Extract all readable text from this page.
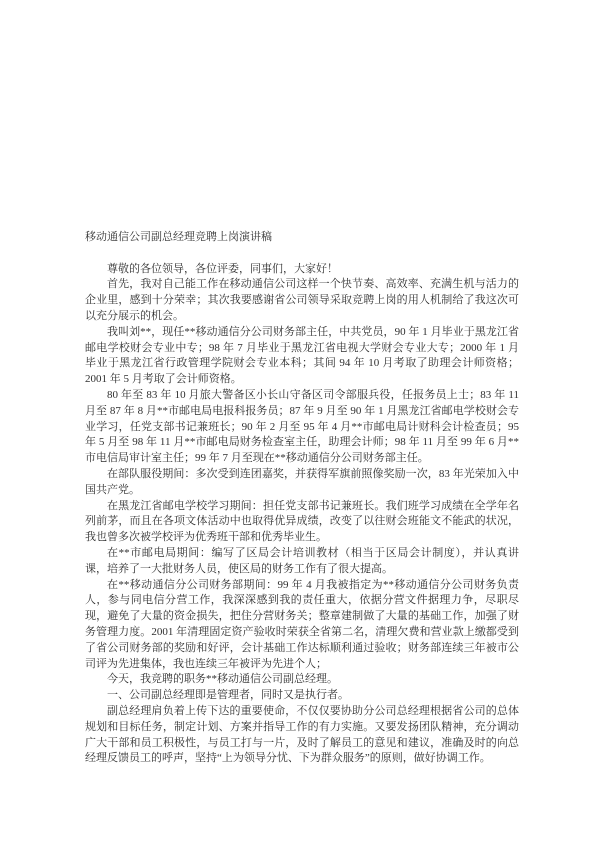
移动通信公司副总经理竞聘上岗演讲稿

尊敬的各位领导，各位评委，同事们，大家好！

首先，我对自己能工作在移动通信公司这样一个快节奏、高效率、充满生机与活力的企业里，感到十分荣幸；其次我要感谢省公司领导采取竞聘上岗的用人机制给了我这次可以充分展示的机会。

我叫刘**，现任**移动通信分公司财务部主任，中共党员，90 年 1 月毕业于黑龙江省邮电学校财会专业中专；98 年 7 月毕业于黑龙江省电视大学财会专业大专；2000 年 1 月毕业于黑龙江省行政管理学院财会专业本科；其间 94 年 10 月考取了助理会计师资格；2001 年 5 月考取了会计师资格。

80 年至 83 年 10 月旅大警备区小长山守备区司令部服兵役，任报务员上士；83 年 11 月至 87 年 8 月**市邮电局电报科报务员；87 年 9 月至 90 年 1 月黑龙江省邮电学校财会专业学习，任党支部书记兼班长；90 年 2 月至 95 年 4 月**市邮电局计财科会计检查员；95 年 5 月至 98 年 11 月**市邮电局财务检查室主任，助理会计师；98 年 11 月至 99 年 6 月**市电信局审计室主任；99 年 7 月至现在**移动通信分公司财务部主任。

在部队服役期间：多次受到连团嘉奖，并获得军旗前照像奖励一次，83 年光荣加入中国共产党。

在黑龙江省邮电学校学习期间：担任党支部书记兼班长。我们班学习成绩在全学年名列前茅，而且在各项文体活动中也取得优异成绩，改变了以往财会班能文不能武的状况，我也曾多次被学校评为优秀班干部和优秀毕业生。

在**市邮电局期间：编写了区局会计培训教材（相当于区局会计制度），并认真讲课，培养了一大批财务人员，使区局的财务工作有了很大提高。

在**移动通信分公司财务部期间：99 年 4 月我被指定为**移动通信分公司财务负责人，参与同电信分营工作，我深深感到我的责任重大，依据分营文件据理力争，尽职尽现，避免了大量的资金损失，把住分营财务关；整章建制做了大量的基础工作，加强了财务管理力度。2001 年清理固定资产验收时荣获全省第二名，清理欠费和营业款上缴都受到了省公司财务部的奖励和好评，会计基础工作达标顺利通过验收；财务部连续三年被市公司评为先进集体，我也连续三年被评为先进个人；

今天，我竞聘的职务**移动通信公司副总经理。

一、公司副总经理即是管理者，同时又是执行者。

副总经理肩负着上传下达的重要使命，不仅仅要协助分公司总经理根据省公司的总体规划和目标任务，制定计划、方案并指导工作的有力实施。又要发扬团队精神，充分调动广大干部和员工积极性，与员工打与一片，及时了解员工的意见和建议，准确及时的向总经理反馈员工的呼声，坚持“上为领导分忧、下为群众服务”的原则，做好协调工作。
